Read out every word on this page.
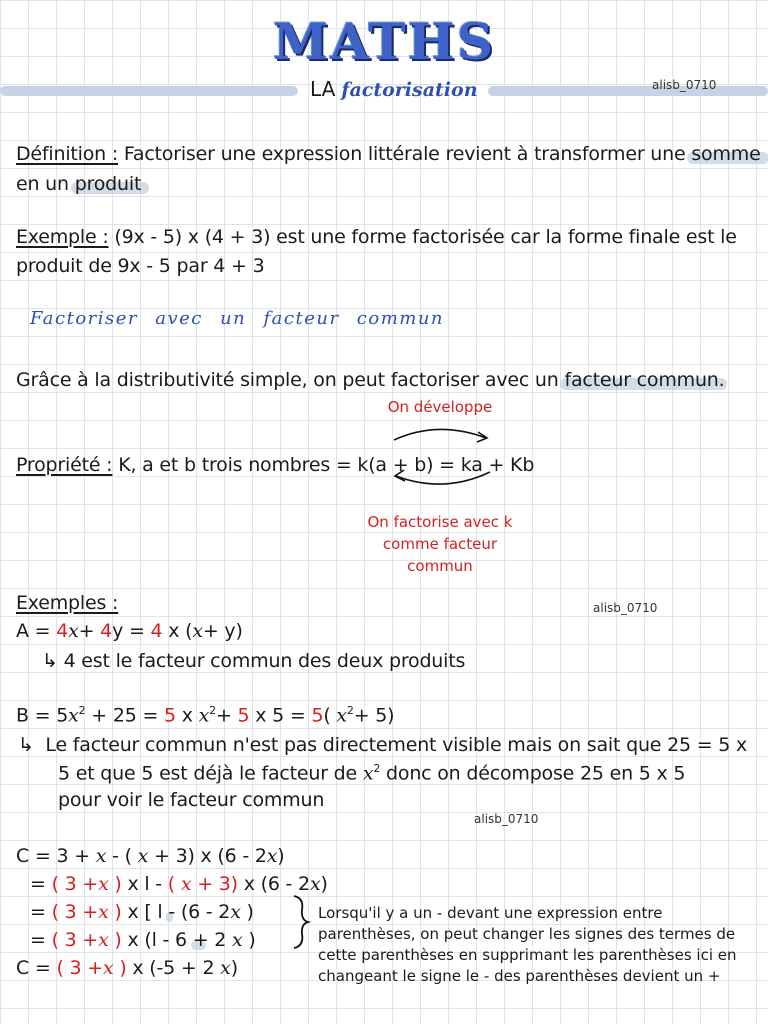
MATHS
LA factorisation	alisb_0710
Définition : Factoriser une expression littérale revient à transformer une somme
en un produit
Exemple : (9x - 5) x (4 + 3) est une forme factorisée car la forme finale est le
produit de 9x - 5 par 4 + 3
Factoriser avec un facteur commun
Grâce à la distributivité simple, on peut factoriser avec un facteur commun.
On développe
Propriété : K, a et b trois nombres = k(a + b) = ka + Kb
On factorise avec k
comme facteur commun
Exemples :	alisb_0710
A = 4x+ 4y = 4 x (x+ y)
↳ 4 est le facteur commun des deux produits
$B = 5x^2 + 25 = 5$ x $x^2+ 5$ x 5 = 5( $x^2+ 5$)
↳  Le facteur commun n'est pas directement visible mais on sait que 25 = 5 x
5 et que 5 est déjà le facteur de $x^2$ donc on décompose 25 en 5 x 5
pour voir le facteur commun
alisb_0710
C = 3 + x - ( x + 3) x (6 - 2x)
= ( 3 +x ) x l - ( x + 3) x (6 - 2x)
= ( 3 +x ) x [ l - (6 - 2x )
= ( 3 +x ) x (l - 6 + 2 x )
C = ( 3 +x ) x (-5 + 2 x)
Lorsqu'il y a un - devant une expression entre parenthèses, on peut changer les signes des termes de cette parenthèses en supprimant les parenthèses ici en changeant le signe le - des parenthèses devient un +
